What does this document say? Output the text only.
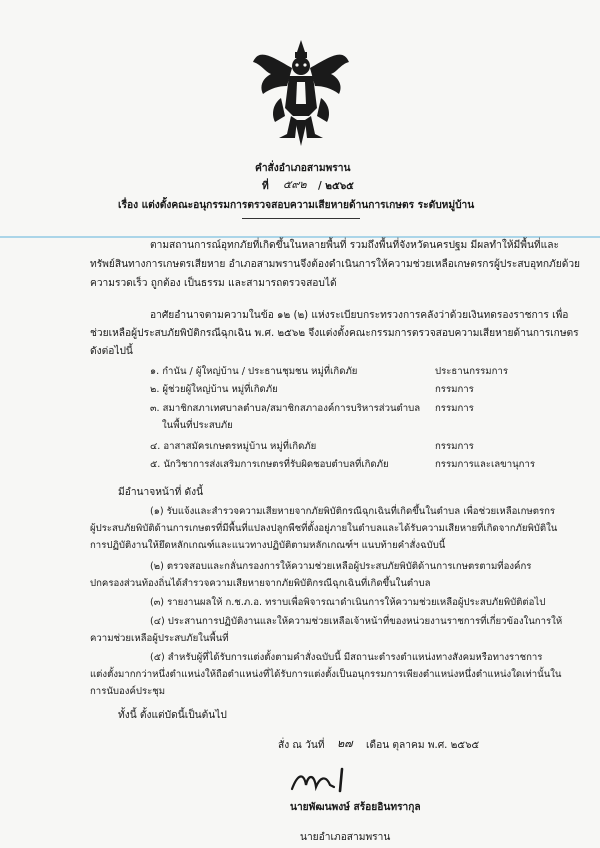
คำสั่งอำเภอสามพราน
ที่ ๕๙๒ / ๒๕๖๕
เรื่อง แต่งตั้งคณะอนุกรรมการตรวจสอบความเสียหายด้านการเกษตร ระดับหมู่บ้าน
ตามสถานการณ์อุทกภัยที่เกิดขึ้นในหลายพื้นที่ รวมถึงพื้นที่จังหวัดนครปฐม มีผลทำให้มีพื้นที่และ
ทรัพย์สินทางการเกษตรเสียหาย อำเภอสามพรานจึงต้องดำเนินการให้ความช่วยเหลือเกษตรกรผู้ประสบอุทกภัยด้วย
ความรวดเร็ว ถูกต้อง เป็นธรรม และสามารถตรวจสอบได้
อาศัยอำนาจตามความในข้อ ๑๒ (๒) แห่งระเบียบกระทรวงการคลังว่าด้วยเงินทดรองราชการ เพื่อ
ช่วยเหลือผู้ประสบภัยพิบัติกรณีฉุกเฉิน พ.ศ. ๒๕๖๒ จึงแต่งตั้งคณะกรรมการตรวจสอบความเสียหายด้านการเกษตร
ดังต่อไปนี้
๑. กำนัน / ผู้ใหญ่บ้าน / ประธานชุมชน หมู่ที่เกิดภัย	ประธานกรรมการ
๒. ผู้ช่วยผู้ใหญ่บ้าน หมู่ที่เกิดภัย	กรรมการ
๓. สมาชิกสภาเทศบาลตำบล/สมาชิกสภาองค์การบริหารส่วนตำบล กรรมการ
ในพื้นที่ประสบภัย
๔. อาสาสมัครเกษตรหมู่บ้าน หมู่ที่เกิดภัย	กรรมการ
๕. นักวิชาการส่งเสริมการเกษตรที่รับผิดชอบตำบลที่เกิดภัย	กรรมการและเลขานุการ
มีอำนาจหน้าที่ ดังนี้
(๑) รับแจ้งและสำรวจความเสียหายจากภัยพิบัติกรณีฉุกเฉินที่เกิดขึ้นในตำบล เพื่อช่วยเหลือเกษตรกร
ผู้ประสบภัยพิบัติด้านการเกษตรที่มีพื้นที่แปลงปลูกพืชที่ตั้งอยู่ภายในตำบลและได้รับความเสียหายที่เกิดจากภัยพิบัติใน
การปฏิบัติงานให้ยึดหลักเกณฑ์และแนวทางปฏิบัติตามหลักเกณฑ์ฯ แนบท้ายคำสั่งฉบับนี้
(๒) ตรวจสอบและกลั่นกรองการให้ความช่วยเหลือผู้ประสบภัยพิบัติด้านการเกษตรตามที่องค์กร
ปกครองส่วนท้องถิ่นได้สำรวจความเสียหายจากภัยพิบัติกรณีฉุกเฉินที่เกิดขึ้นในตำบล
(๓) รายงานผลให้ ก.ช.ภ.อ. ทราบเพื่อพิจารณาดำเนินการให้ความช่วยเหลือผู้ประสบภัยพิบัติต่อไป
(๔) ประสานการปฏิบัติงานและให้ความช่วยเหลือเจ้าหน้าที่ของหน่วยงานราชการที่เกี่ยวข้องในการให้
ความช่วยเหลือผู้ประสบภัยในพื้นที่
(๕) สำหรับผู้ที่ได้รับการแต่งตั้งตามคำสั่งฉบับนี้ มีสถานะตำรงตำแหน่งทางสังคมหรือทางราชการ
แต่งตั้งมากกว่าหนึ่งตำแหน่งให้ถือตำแหน่งที่ได้รับการแต่งตั้งเป็นอนุกรรมการเพียงตำแหน่งหนึ่งตำแหน่งใดเท่านั้นใน
การนับองค์ประชุม
ทั้งนี้ ตั้งแต่บัดนี้เป็นต้นไป
สั่ง ณ วันที่ ๒๗ เดือน ตุลาคม พ.ศ. ๒๕๖๕
นายพัฒนพงษ์ สร้อยอินทรากุล
นายอำเภอสามพราน
